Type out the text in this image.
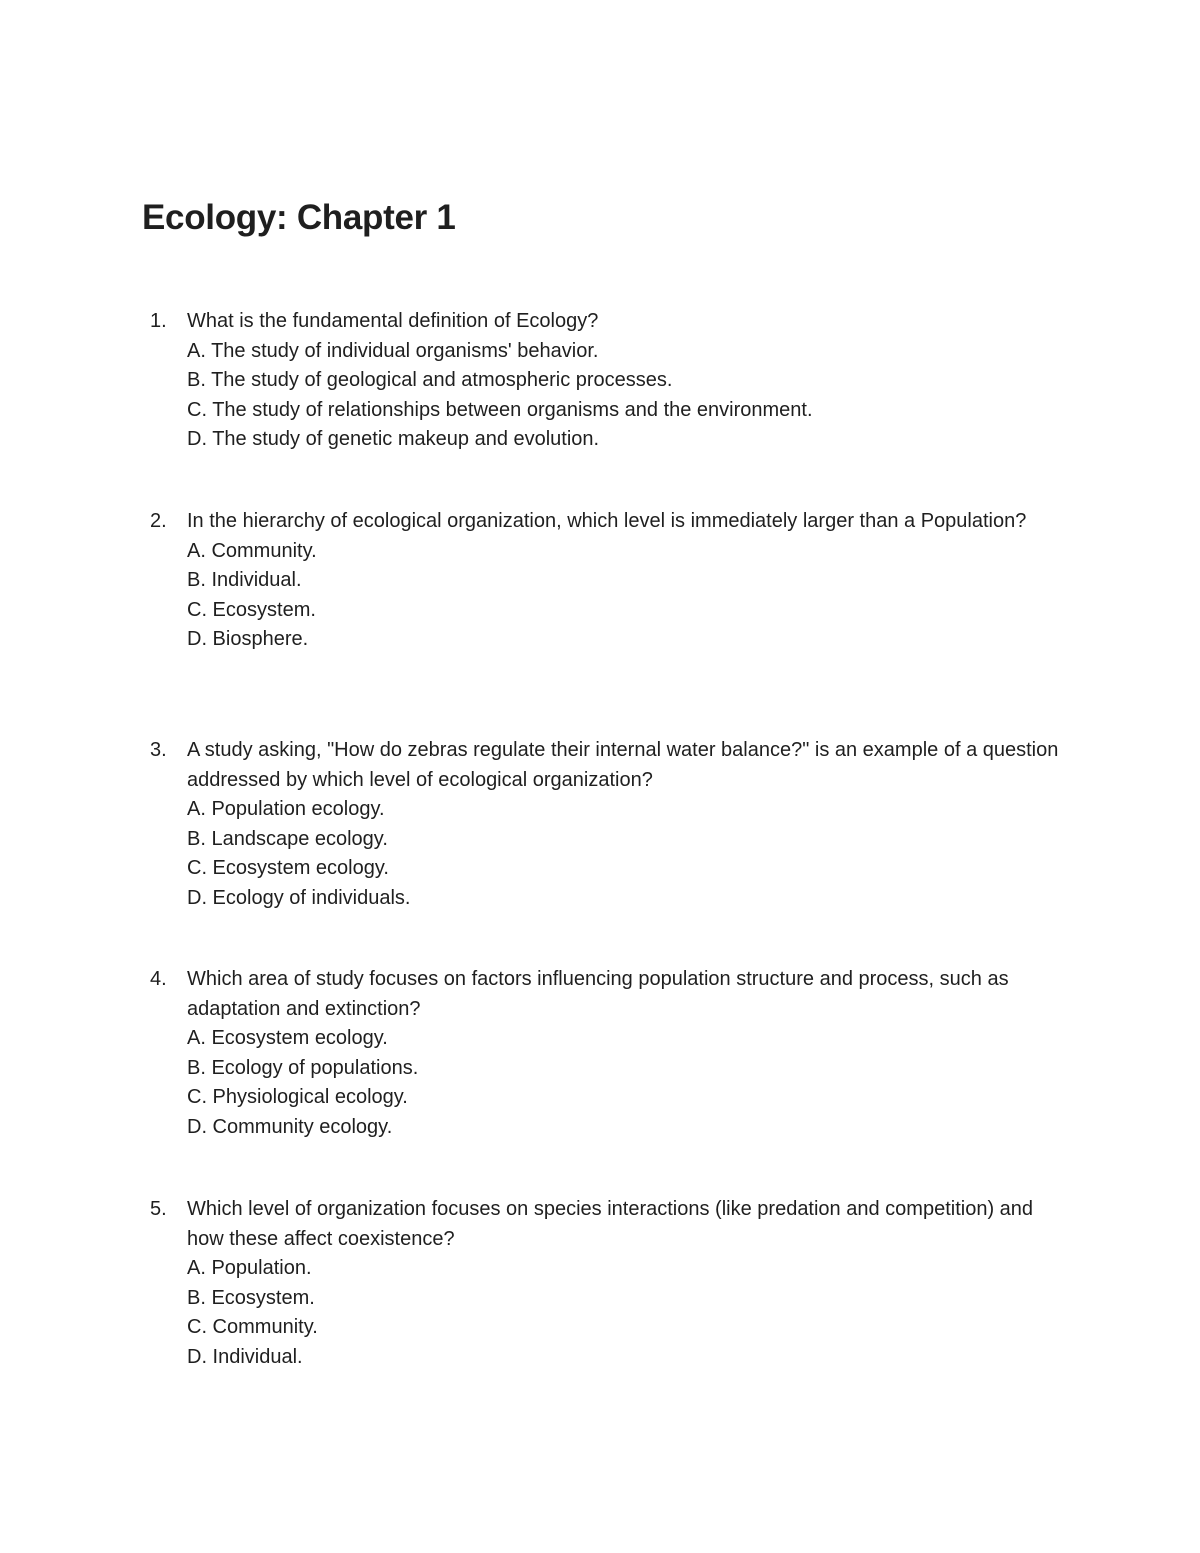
Ecology: Chapter 1
1.	What is the fundamental definition of Ecology?
A. The study of individual organisms' behavior.
B. The study of geological and atmospheric processes.
C. The study of relationships between organisms and the environment.
D. The study of genetic makeup and evolution.
2.	In the hierarchy of ecological organization, which level is immediately larger than a Population?
A. Community.
B. Individual.
C. Ecosystem.
D. Biosphere.
3.	A study asking, "How do zebras regulate their internal water balance?" is an example of a question addressed by which level of ecological organization?
A. Population ecology.
B. Landscape ecology.
C. Ecosystem ecology.
D. Ecology of individuals.
4.	Which area of study focuses on factors influencing population structure and process, such as adaptation and extinction?
A. Ecosystem ecology.
B. Ecology of populations.
C. Physiological ecology.
D. Community ecology.
5.	Which level of organization focuses on species interactions (like predation and competition) and how these affect coexistence?
A. Population.
B. Ecosystem.
C. Community.
D. Individual.
